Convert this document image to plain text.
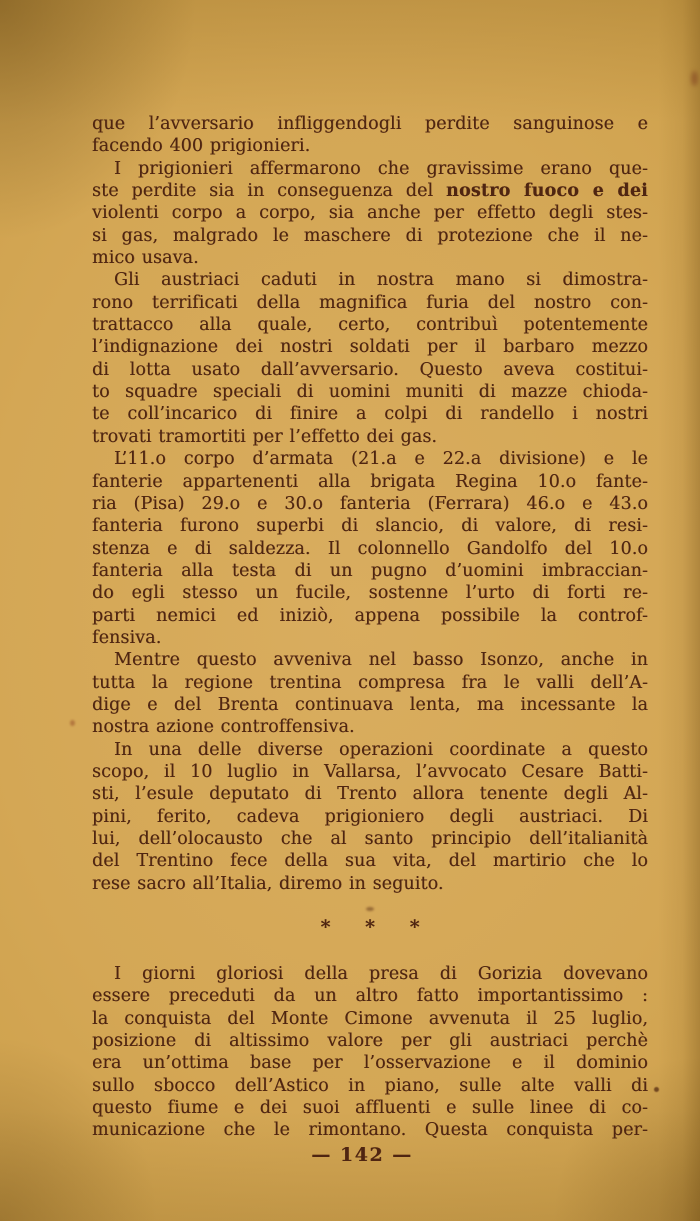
que l’avversario infliggendogli perdite sanguinose e
facendo 400 prigionieri.
I prigionieri affermarono che gravissime erano que-
ste perdite sia in conseguenza del nostro fuoco e dei
violenti corpo a corpo, sia anche per effetto degli stes-
si gas, malgrado le maschere di protezione che il ne-
mico usava.
Gli austriaci caduti in nostra mano si dimostra-
rono terrificati della magnifica furia del nostro con-
trattacco alla quale, certo, contribuì potentemente
l’indignazione dei nostri soldati per il barbaro mezzo
di lotta usato dall’avversario. Questo aveva costitui-
to squadre speciali di uomini muniti di mazze chioda-
te coll’incarico di finire a colpi di randello i nostri
trovati tramortiti per l’effetto dei gas.
L’11.o corpo d’armata (21.a e 22.a divisione) e le
fanterie appartenenti alla brigata Regina 10.o fante-
ria (Pisa) 29.o e 30.o fanteria (Ferrara) 46.o e 43.o
fanteria furono superbi di slancio, di valore, di resi-
stenza e di saldezza. Il colonnello Gandolfo del 10.o
fanteria alla testa di un pugno d’uomini imbraccian-
do egli stesso un fucile, sostenne l’urto di forti re-
parti nemici ed iniziò, appena possibile la controf-
fensiva.
Mentre questo avveniva nel basso Isonzo, anche in
tutta la regione trentina compresa fra le valli dell’A-
dige e del Brenta continuava lenta, ma incessante la
nostra azione controffensiva.
In una delle diverse operazioni coordinate a questo
scopo, il 10 luglio in Vallarsa, l’avvocato Cesare Batti-
sti, l’esule deputato di Trento allora tenente degli Al-
pini, ferito, cadeva prigioniero degli austriaci. Di
lui, dell’olocausto che al santo principio dell’italianità
del Trentino fece della sua vita, del martirio che lo
rese sacro all’Italia, diremo in seguito.
* * *
I giorni gloriosi della presa di Gorizia dovevano
essere preceduti da un altro fatto importantissimo :
la conquista del Monte Cimone avvenuta il 25 luglio,
posizione di altissimo valore per gli austriaci perchè
era un’ottima base per l’osservazione e il dominio
sullo sbocco dell’Astico in piano, sulle alte valli di
questo fiume e dei suoi affluenti e sulle linee di co-
municazione che le rimontano. Questa conquista per-
— 142 —
